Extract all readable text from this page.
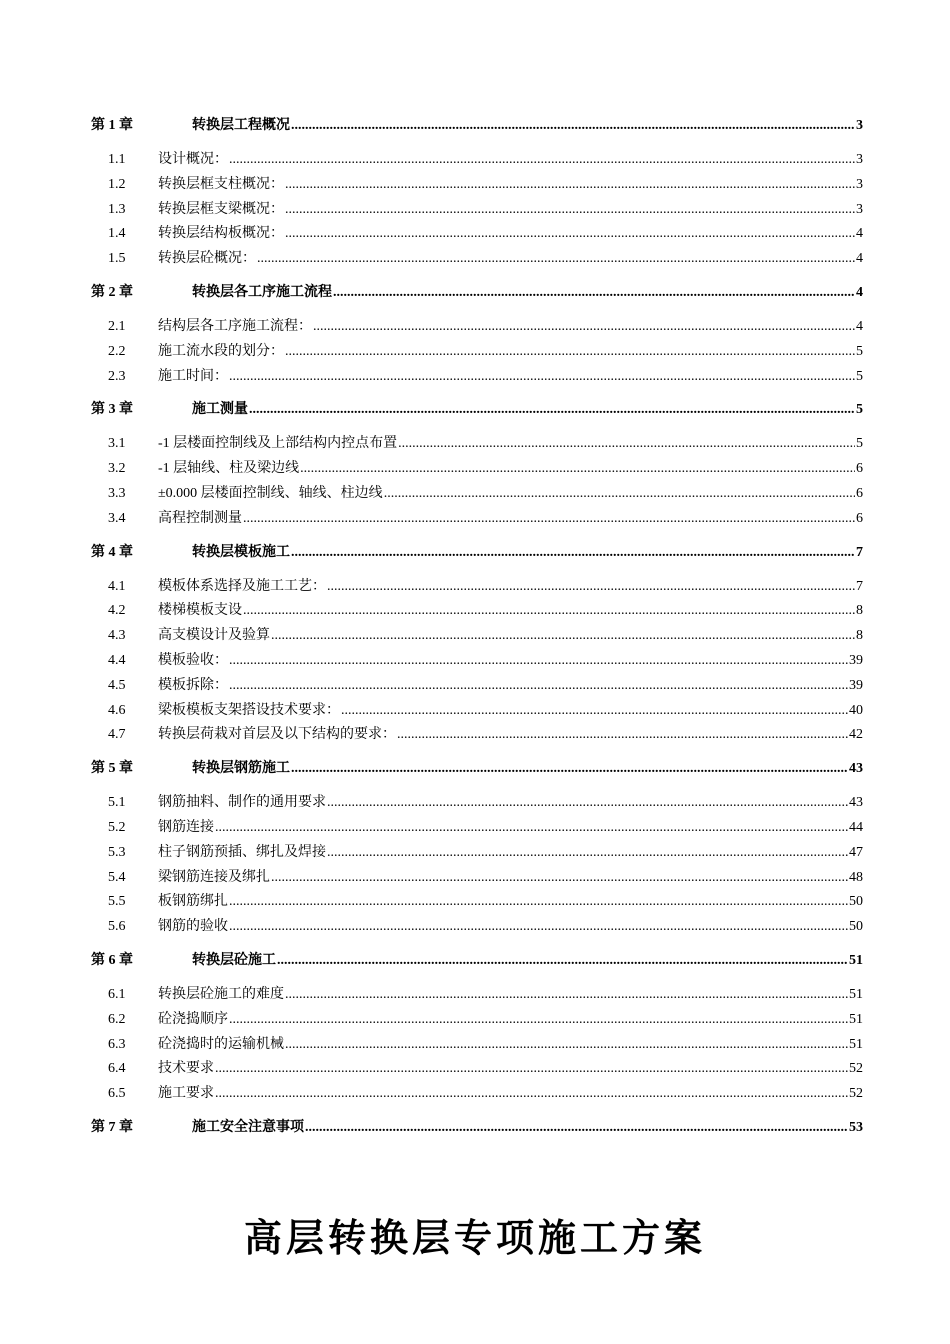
第 1 章	转换层工程概况 .....	3
1.1	设计概况： .....	3
1.2	转换层框支柱概况： .....	3
1.3	转换层框支梁概况： .....	3
1.4	转换层结构板概况： .....	4
1.5	转换层砼概况： .....	4
第 2 章	转换层各工序施工流程 .....	4
2.1	结构层各工序施工流程： .....	4
2.2	施工流水段的划分： .....	5
2.3	施工时间： .....	5
第 3 章	施工测量 .....	5
3.1	-1 层楼面控制线及上部结构内控点布置 .....	5
3.2	-1 层轴线、柱及梁边线 .....	6
3.3	±0.000 层楼面控制线、轴线、柱边线 .....	6
3.4	高程控制测量 .....	6
第 4 章	转换层模板施工 .....	7
4.1	模板体系选择及施工工艺： .....	7
4.2	楼梯模板支设 .....	8
4.3	高支模设计及验算 .....	8
4.4	模板验收： .....	39
4.5	模板拆除： .....	39
4.6	梁板模板支架搭设技术要求： .....	40
4.7	转换层荷栽对首层及以下结构的要求： .....	42
第 5 章	转换层钢筋施工 .....	43
5.1	钢筋抽料、制作的通用要求 .....	43
5.2	钢筋连接 .....	44
5.3	柱子钢筋预插、绑扎及焊接 .....	47
5.4	梁钢筋连接及绑扎 .....	48
5.5	板钢筋绑扎 .....	50
5.6	钢筋的验收 .....	50
第 6 章	转换层砼施工 .....	51
6.1	转换层砼施工的难度 .....	51
6.2	砼浇捣顺序 .....	51
6.3	砼浇捣时的运输机械 .....	51
6.4	技术要求 .....	52
6.5	施工要求 .....	52
第 7 章	施工安全注意事项 .....	53
高层转换层专项施工方案
